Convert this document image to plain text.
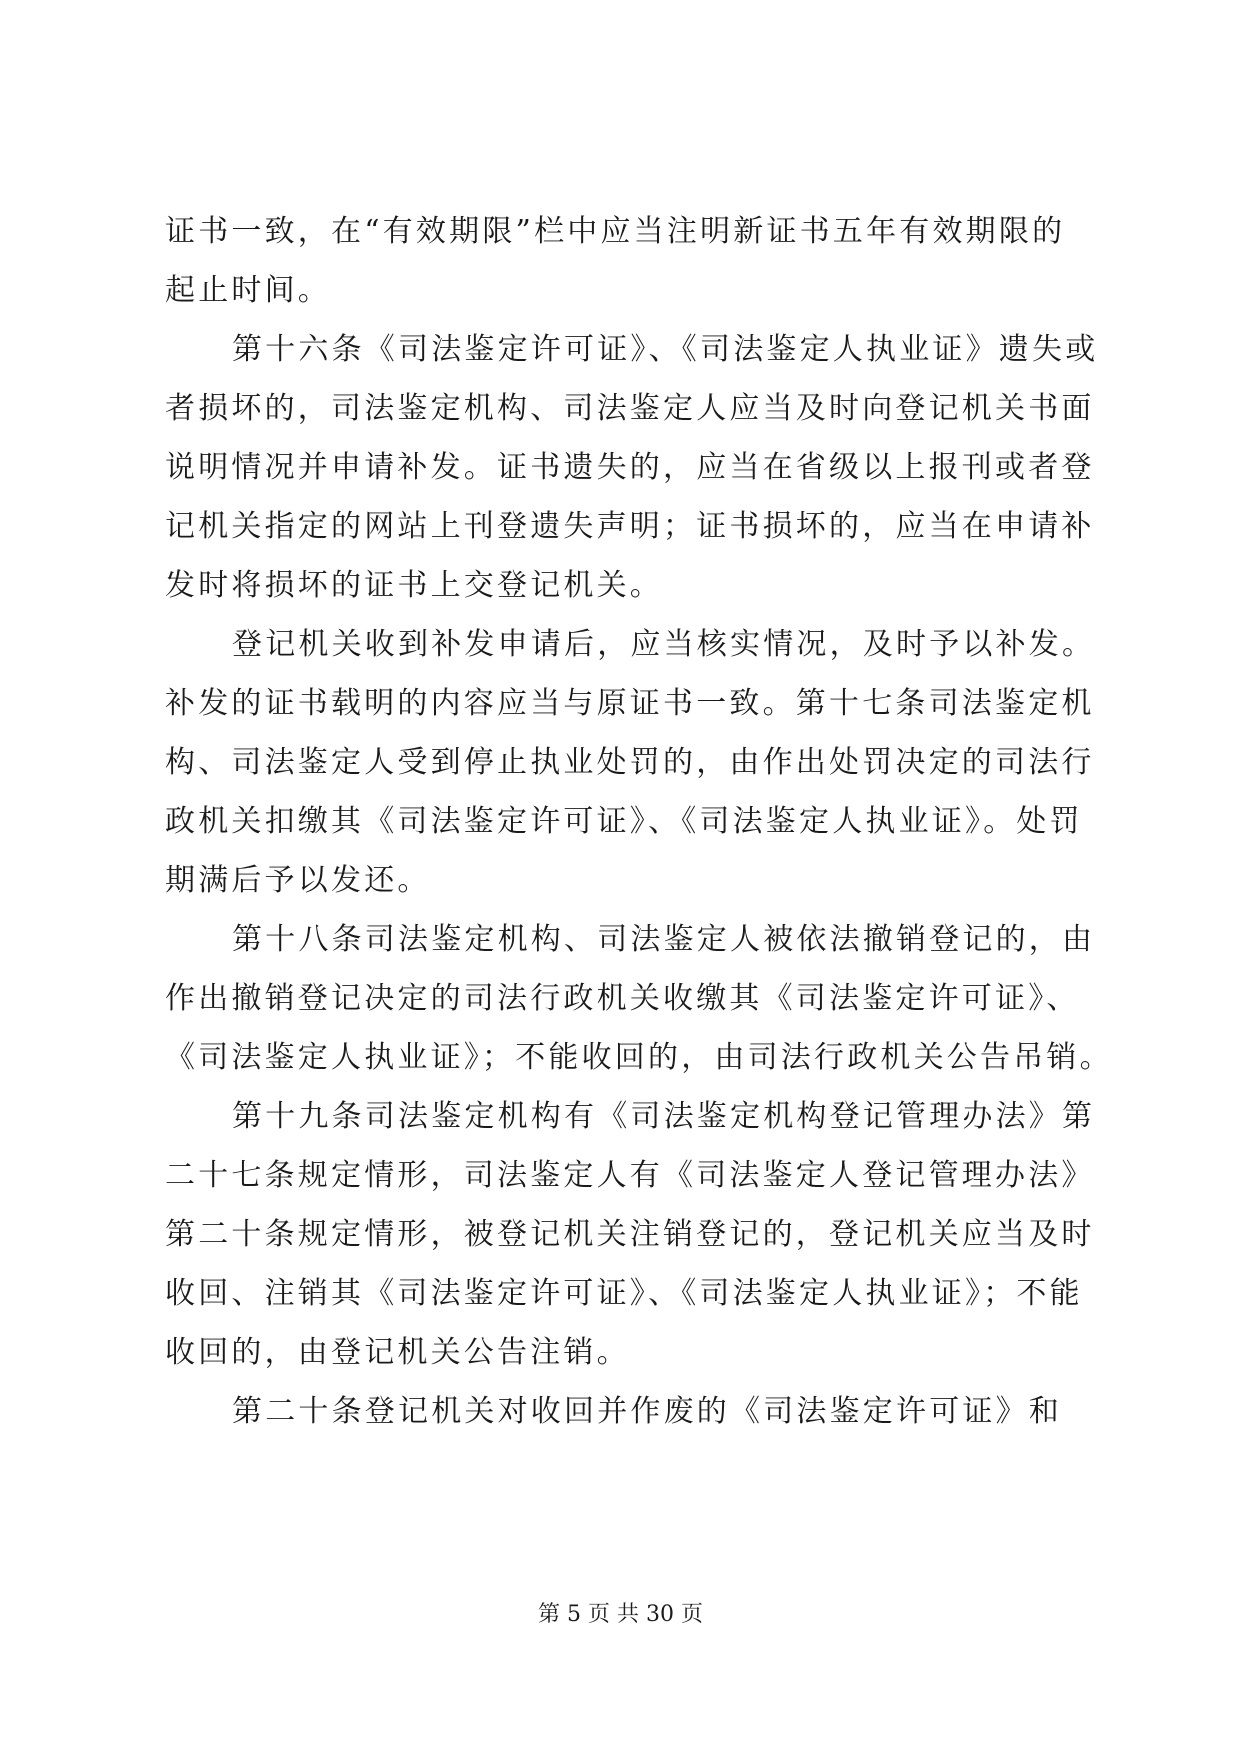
证书一致，在“有效期限”栏中应当注明新证书五年有效期限的
起止时间。
第十六条《司法鉴定许可证》、《司法鉴定人执业证》遗失或
者损坏的，司法鉴定机构、司法鉴定人应当及时向登记机关书面
说明情况并申请补发。证书遗失的，应当在省级以上报刊或者登
记机关指定的网站上刊登遗失声明；证书损坏的，应当在申请补
发时将损坏的证书上交登记机关。
登记机关收到补发申请后，应当核实情况，及时予以补发。
补发的证书载明的内容应当与原证书一致。第十七条司法鉴定机
构、司法鉴定人受到停止执业处罚的，由作出处罚决定的司法行
政机关扣缴其《司法鉴定许可证》、《司法鉴定人执业证》。处罚
期满后予以发还。
第十八条司法鉴定机构、司法鉴定人被依法撤销登记的，由
作出撤销登记决定的司法行政机关收缴其《司法鉴定许可证》、
《司法鉴定人执业证》；不能收回的，由司法行政机关公告吊销。
第十九条司法鉴定机构有《司法鉴定机构登记管理办法》第
二十七条规定情形，司法鉴定人有《司法鉴定人登记管理办法》
第二十条规定情形，被登记机关注销登记的，登记机关应当及时
收回、注销其《司法鉴定许可证》、《司法鉴定人执业证》；不能
收回的，由登记机关公告注销。
第二十条登记机关对收回并作废的《司法鉴定许可证》和
第 5 页 共 30 页
